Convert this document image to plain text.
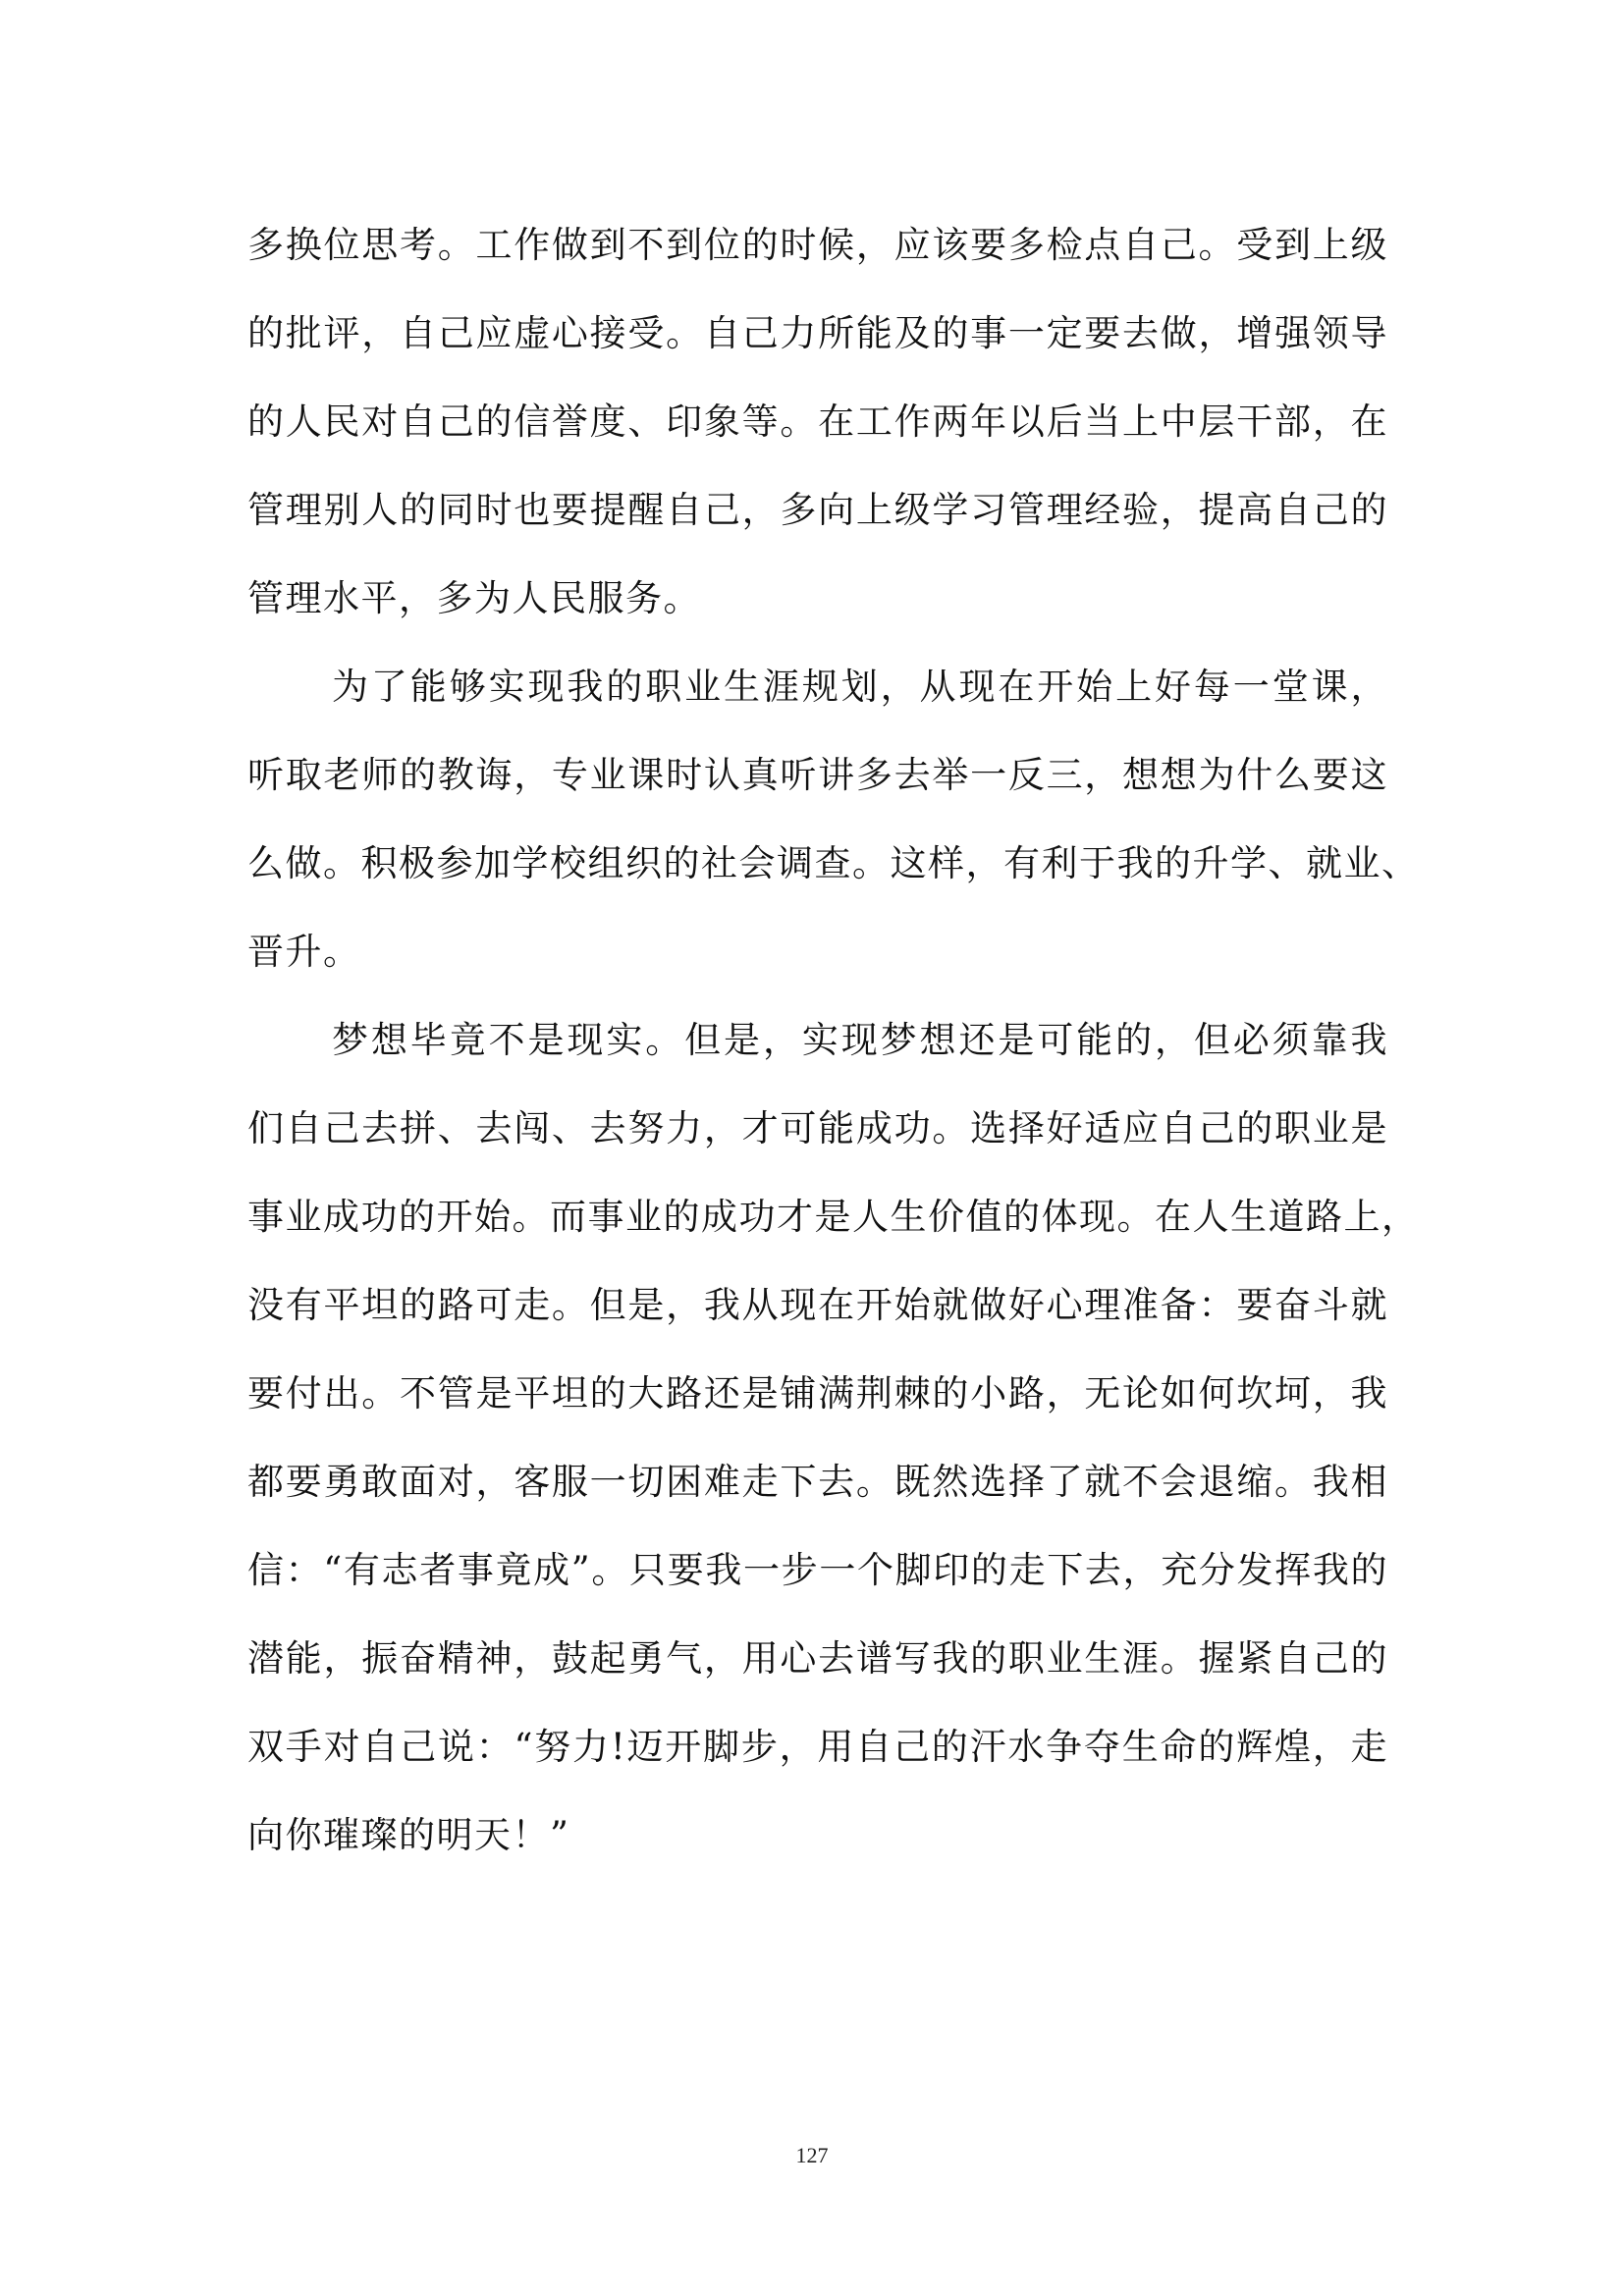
多换位思考。工作做到不到位的时候，应该要多检点自己。受到上级
的批评，自己应虚心接受。自己力所能及的事一定要去做，增强领导
的人民对自己的信誉度、印象等。在工作两年以后当上中层干部，在
管理别人的同时也要提醒自己，多向上级学习管理经验，提高自己的
管理水平，多为人民服务。
为了能够实现我的职业生涯规划，从现在开始上好每一堂课，
听取老师的教诲，专业课时认真听讲多去举一反三，想想为什么要这
么做。积极参加学校组织的社会调查。这样，有利于我的升学、就业、
晋升。
梦想毕竟不是现实。但是，实现梦想还是可能的，但必须靠我
们自己去拼、去闯、去努力，才可能成功。选择好适应自己的职业是
事业成功的开始。而事业的成功才是人生价值的体现。在人生道路上，
没有平坦的路可走。但是，我从现在开始就做好心理准备：要奋斗就
要付出。不管是平坦的大路还是铺满荆棘的小路，无论如何坎坷，我
都要勇敢面对，客服一切困难走下去。既然选择了就不会退缩。我相
信：“有志者事竟成”。只要我一步一个脚印的走下去，充分发挥我的
潜能，振奋精神，鼓起勇气，用心去谱写我的职业生涯。握紧自己的
双手对自己说：“努力!迈开脚步，用自己的汗水争夺生命的辉煌，走
向你璀璨的明天！”
127
